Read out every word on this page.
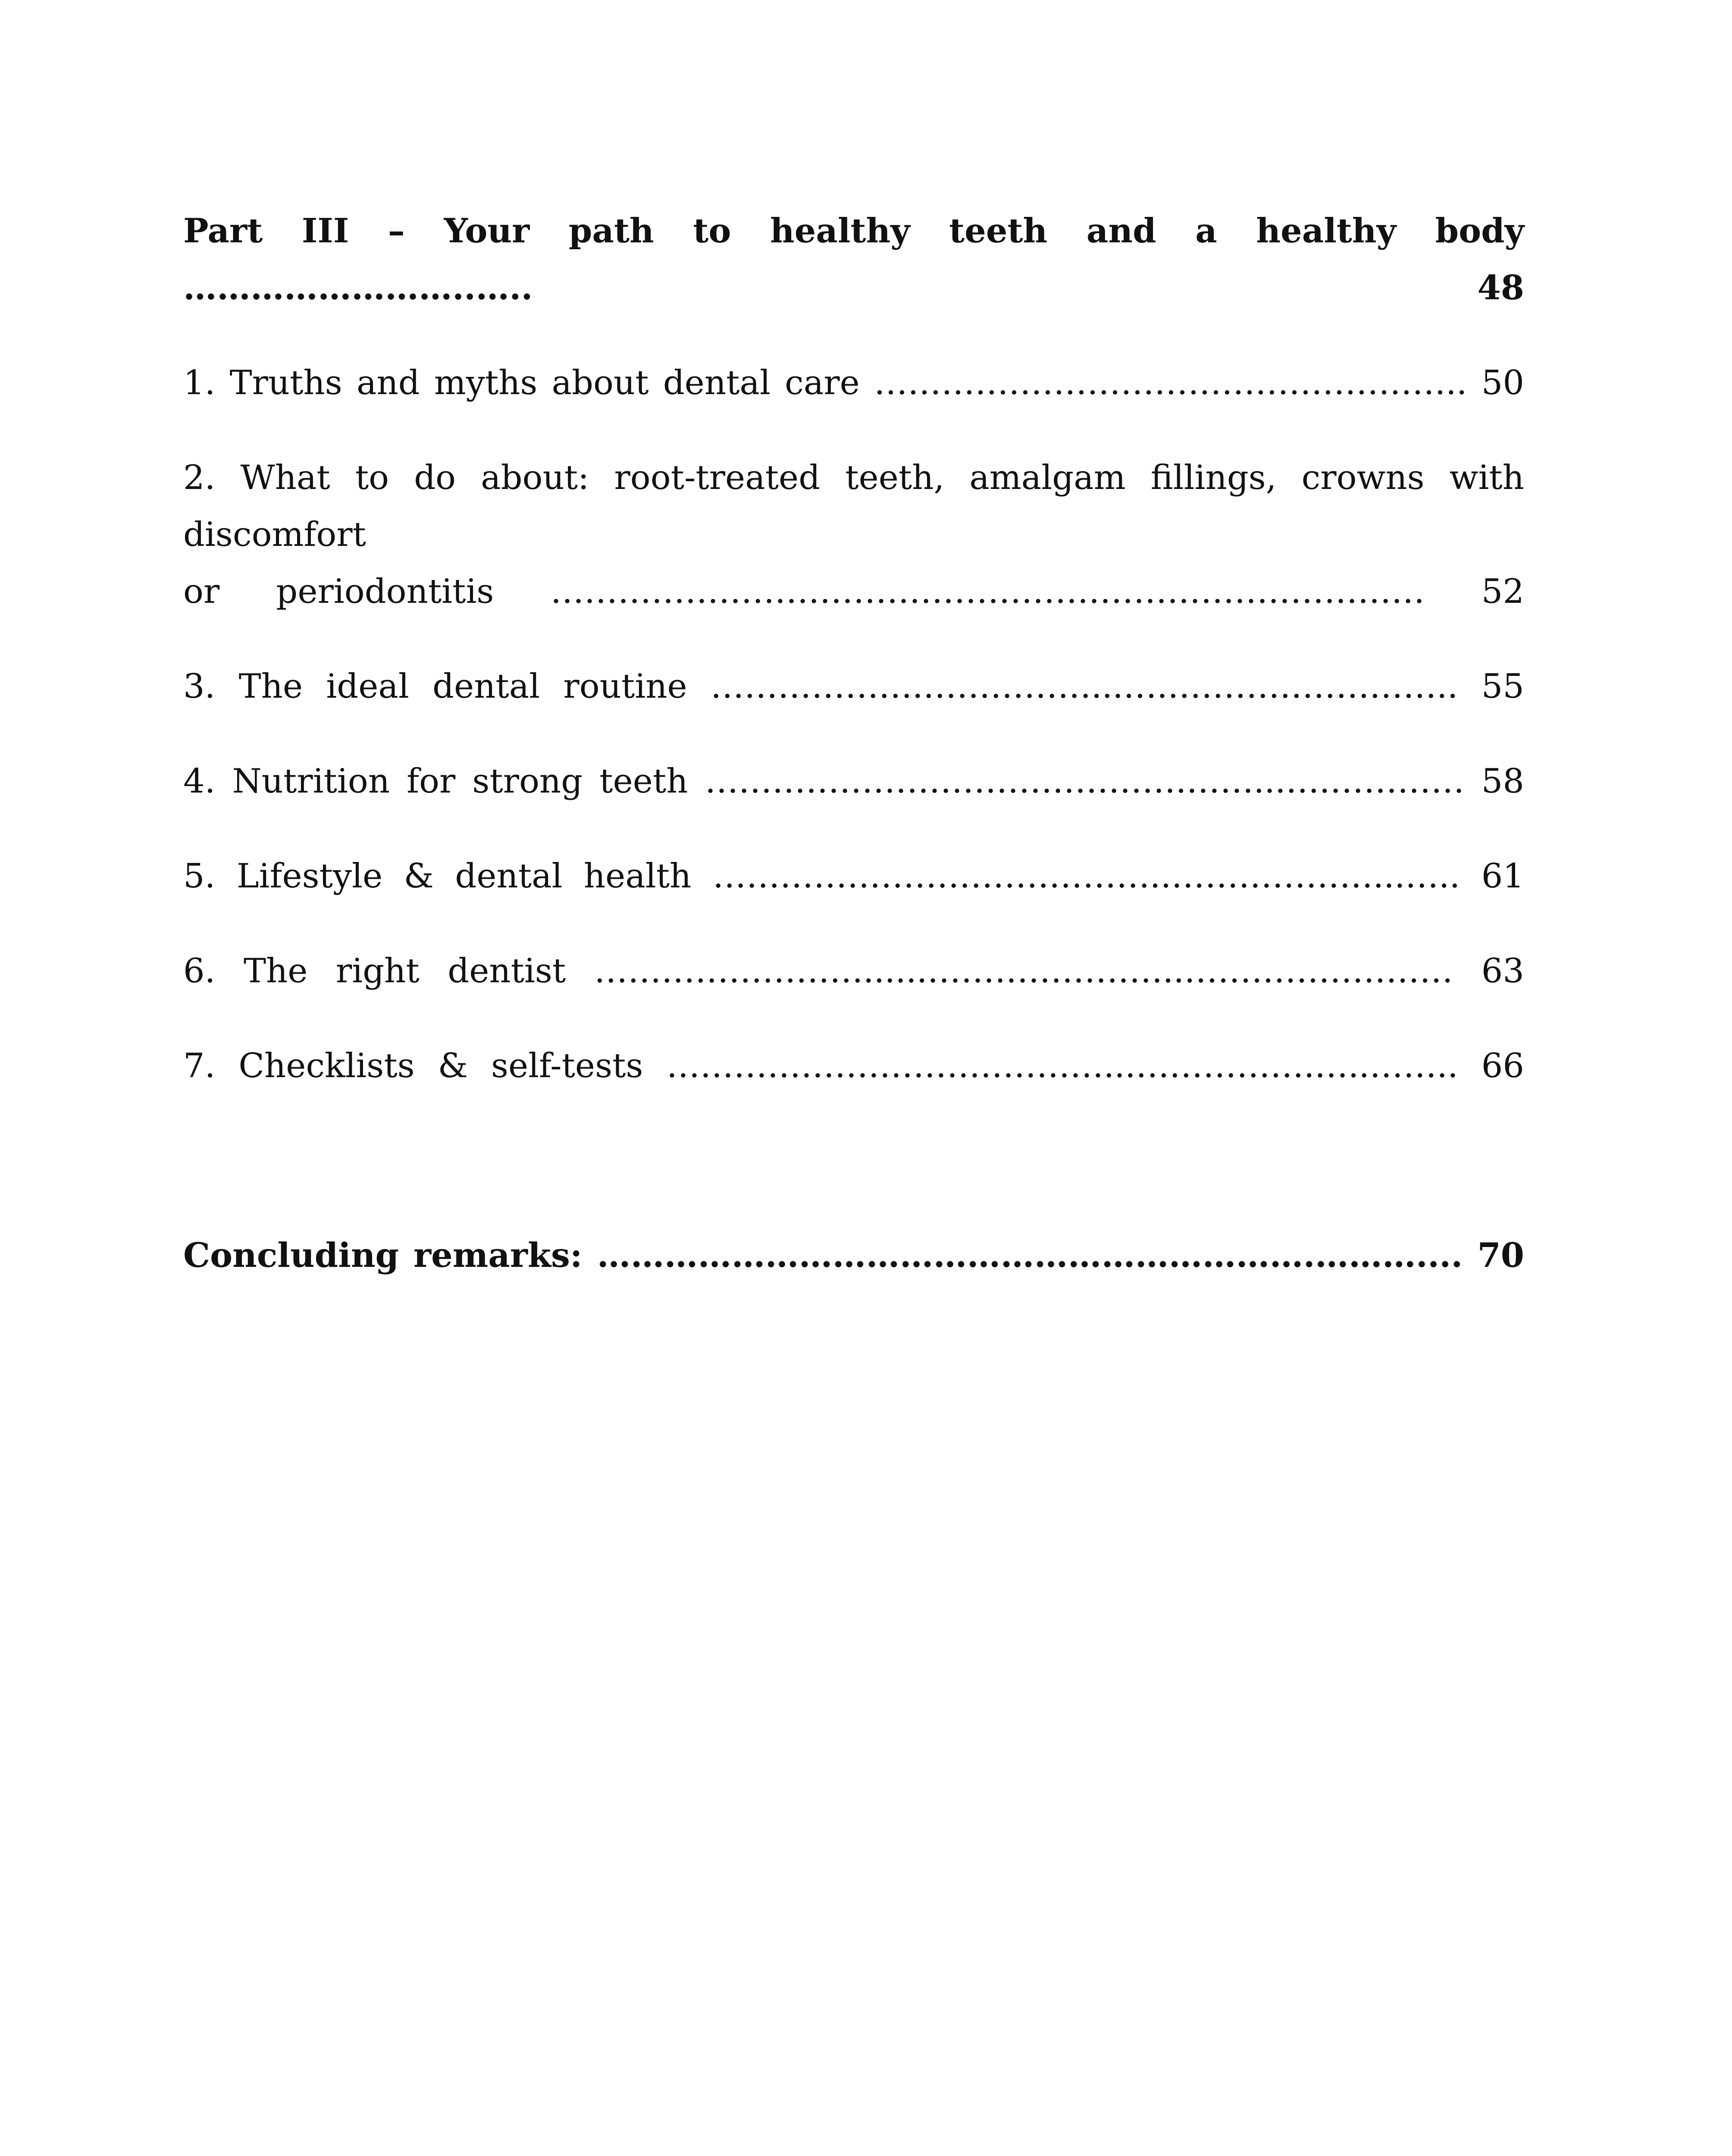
Part III – Your path to healthy teeth and a healthy body ……………………..….. 48

1. Truths and myths about dental care …………………………………………….. 50

2. What to do about: root-treated teeth, amalgam fillings, crowns with discomfort

or periodontitis …………………………………………………………………… 52

3. The ideal dental routine ……………….……………...….…………………….. 55

4. Nutrition for strong teeth …………………………………….……...….………… 58

5. Lifestyle & dental health …………………………………..………………...….. 61

6. The right dentist ……………………......…………………..…………………… 63

7. Checklists & self-tests …………………………………...…………….…..…….. 66

Concluding remarks: ……………………………………………………….……….... 70
